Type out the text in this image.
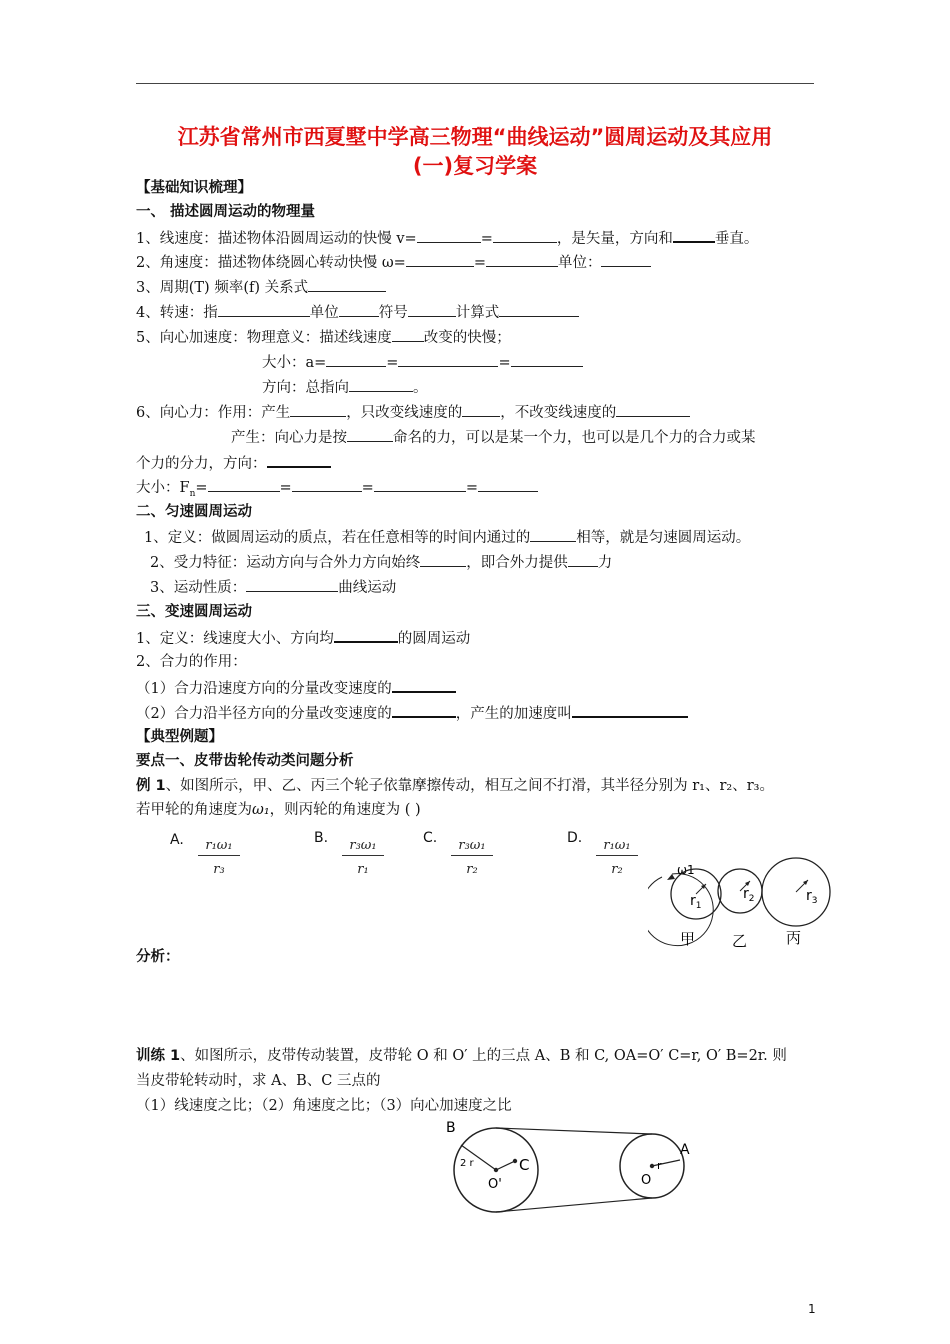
江苏省常州市西夏墅中学高三物理“曲线运动”圆周运动及其应用
(一)复习学案
【基础知识梳理】
一、 描述圆周运动的物理量
1、线速度：描述物体沿圆周运动的快慢 v=	=	，是矢量，方向和	垂直。
2、角速度：描述物体绕圆心转动快慢 ω=	=	单位：
3、周期(T) 频率(f) 关系式
4、转速：指	单位	符号	计算式
5、向心加速度：物理意义：描述线速度 改变的快慢；
大小：a=	=	=
方向：总指向	。
6、向心力：作用：产生	，只改变线速度的	，不改变线速度的
产生：向心力是按	命名的力，可以是某一个力，也可以是几个力的合力或某
个力的分力，方向：
大小：$F_n=$	=	=	=
二、匀速圆周运动
1、定义：做圆周运动的质点，若在任意相等的时间内通过的	相等，就是匀速圆周运动。
2、受力特征：运动方向与合外力方向始终	，即合外力提供 力
3、运动性质：	曲线运动
三、变速圆周运动
1、定义：线速度大小、方向均	的圆周运动
2、合力的作用：
（1）合力沿速度方向的分量改变速度的
（2）合力沿半径方向的分量改变速度的	，产生的加速度叫
【典型例题】
要点一、皮带齿轮传动类问题分析
例 1、如图所示，甲、乙、丙三个轮子依靠摩擦传动，相互之间不打滑，其半径分别为 r₁、r₂、r₃。
若甲轮的角速度为ω₁，则丙轮的角速度为 ( )
A.	r₁ω₁
r₃
B.	r₃ω₁
r₁
C.	r₃ω₁
r₂
D.	r₁ω₁
r₂	ω1
$r_1$
$r_2$	$r_3$
甲 乙	丙
分析：
训练 1、如图所示，皮带传动装置，皮带轮 O 和 O′ 上的三点 A、B 和 C, OA=O′ C=r, O′ B=2r. 则
当皮带轮转动时，求 A、B、C 三点的
（1）线速度之比；（2）角速度之比；（3）向心加速度之比
B
C
2 r
O'	O
r
A
1
